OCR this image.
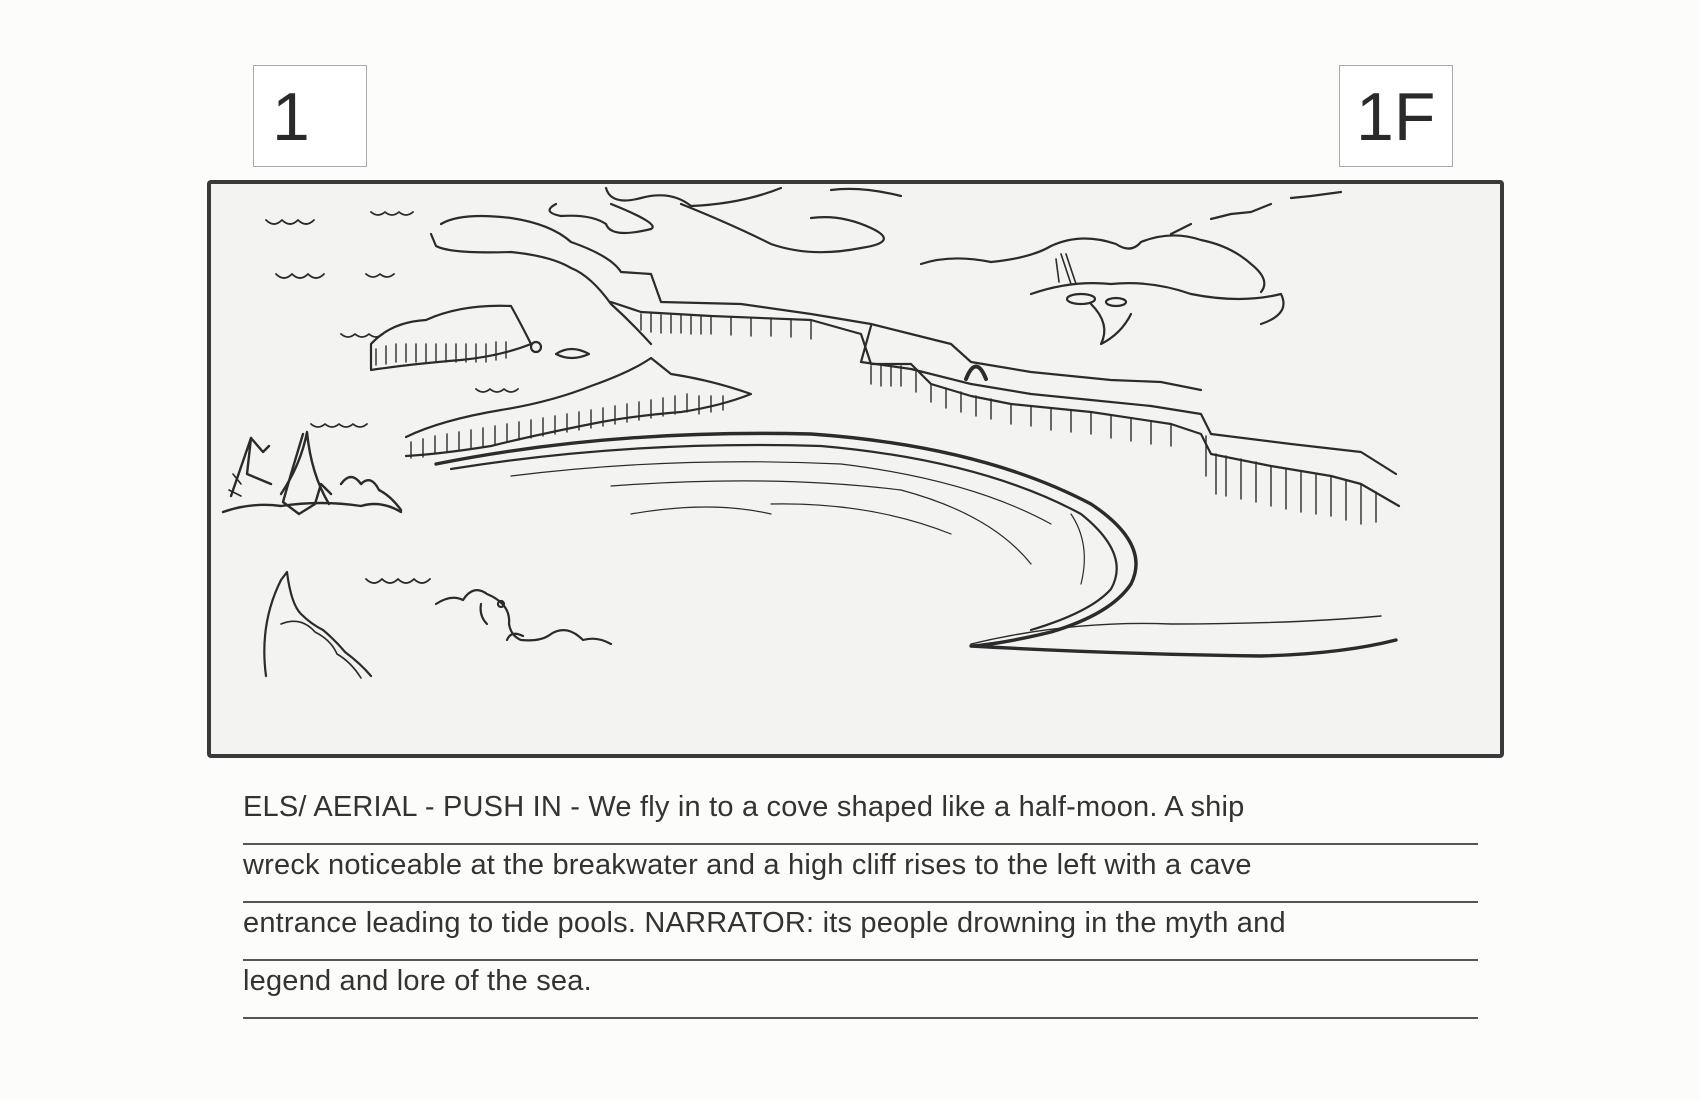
1	1F
ELS/ AERIAL - PUSH IN - We fly in to a cove shaped like a half-moon. A ship
wreck noticeable at the breakwater and a high cliff rises to the left with a cave
entrance leading to tide pools. NARRATOR: its people drowning in the myth and
legend and lore of the sea.
